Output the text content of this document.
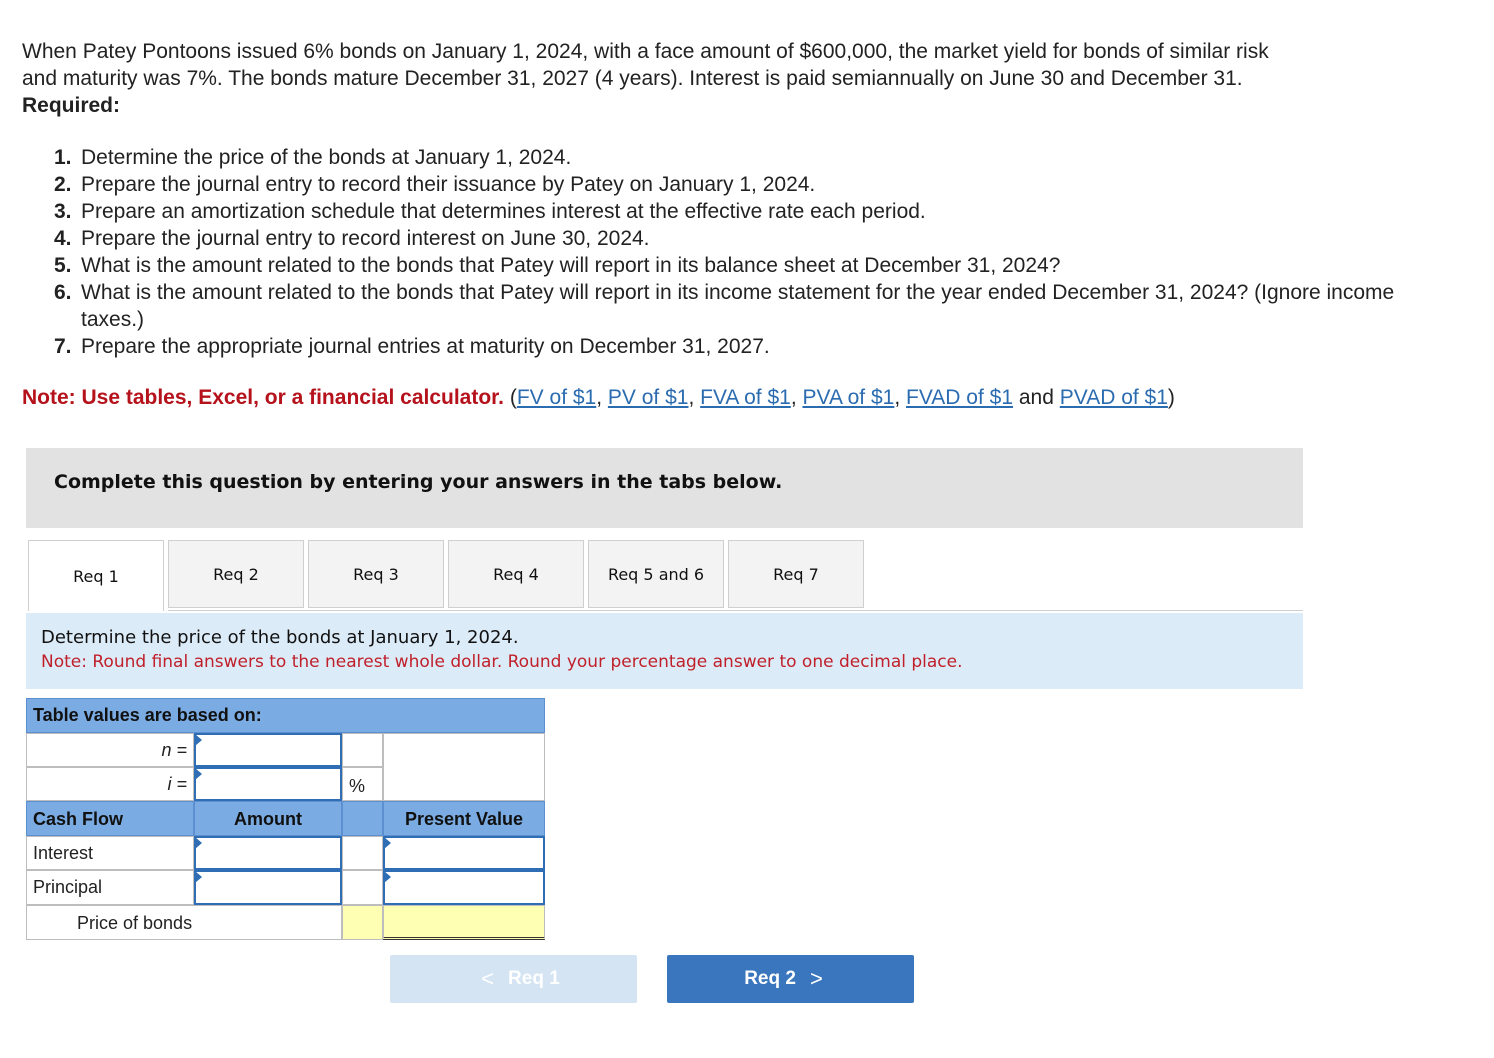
When Patey Pontoons issued 6% bonds on January 1, 2024, with a face amount of $600,000, the market yield for bonds of similar risk

and maturity was 7%. The bonds mature December 31, 2027 (4 years). Interest is paid semiannually on June 30 and December 31.

Required:

1. Determine the price of the bonds at January 1, 2024.
2. Prepare the journal entry to record their issuance by Patey on January 1, 2024.
3. Prepare an amortization schedule that determines interest at the effective rate each period.
4. Prepare the journal entry to record interest on June 30, 2024.
5. What is the amount related to the bonds that Patey will report in its balance sheet at December 31, 2024?
6. What is the amount related to the bonds that Patey will report in its income statement for the year ended December 31, 2024? (Ignore income taxes.)
7. Prepare the appropriate journal entries at maturity on December 31, 2027.
Note: Use tables, Excel, or a financial calculator. (FV of $1, PV of $1, FVA of $1, PVA of $1, FVAD of $1 and PVAD of $1)
Complete this question by entering your answers in the tabs below.
Req 1	Req 2	Req 3	Req 4	Req 5 and 6	Req 7
Determine the price of the bonds at January 1, 2024.
Note: Round final answers to the nearest whole dollar. Round your percentage answer to one decimal place.
Table values are based on:
n =
i =	%
Cash Flow	Amount	Present Value
Interest
Principal
Price of bonds
< Req 1	Req 2 >
